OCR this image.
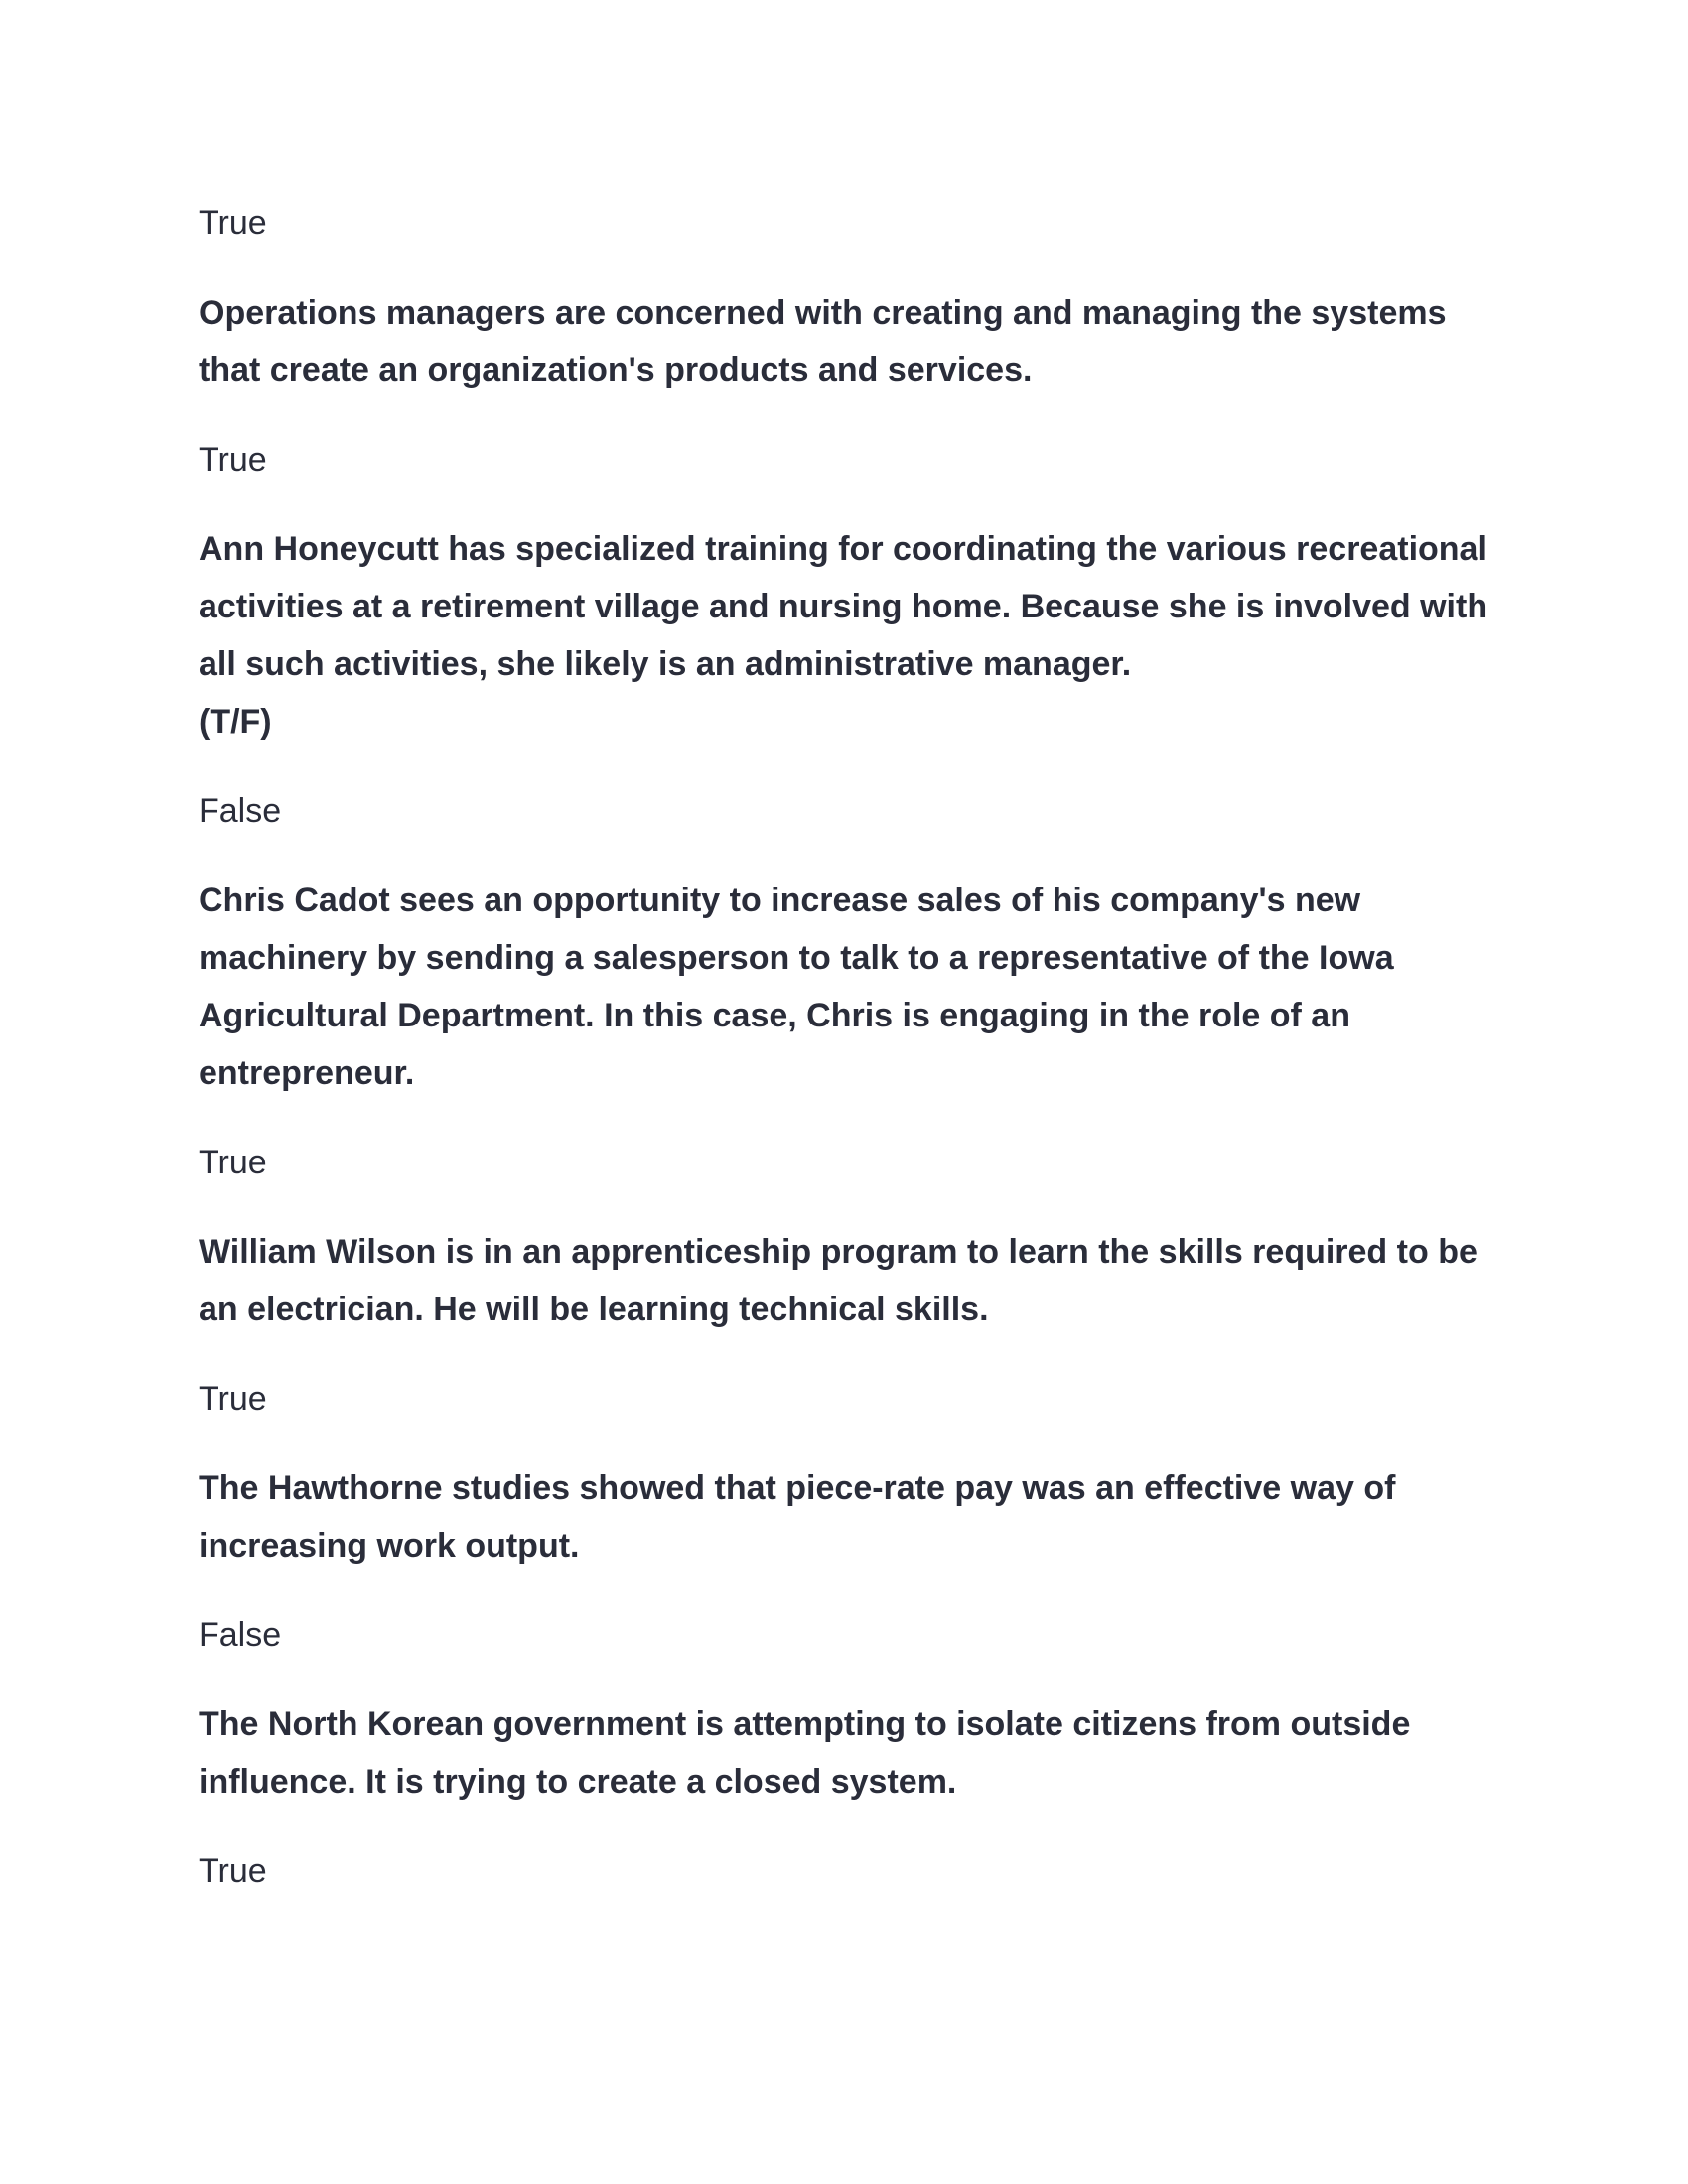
True

Operations managers are concerned with creating and managing the systems that create an organization's products and services.

True

Ann Honeycutt has specialized training for coordinating the various recreational activities at a retirement village and nursing home. Because she is involved with all such activities, she likely is an administrative manager.
(T/F)

False

Chris Cadot sees an opportunity to increase sales of his company's new machinery by sending a salesperson to talk to a representative of the Iowa Agricultural Department. In this case, Chris is engaging in the role of an entrepreneur.

True

William Wilson is in an apprenticeship program to learn the skills required to be an electrician. He will be learning technical skills.

True

The Hawthorne studies showed that piece-rate pay was an effective way of increasing work output.

False

The North Korean government is attempting to isolate citizens from outside influence. It is trying to create a closed system.

True
